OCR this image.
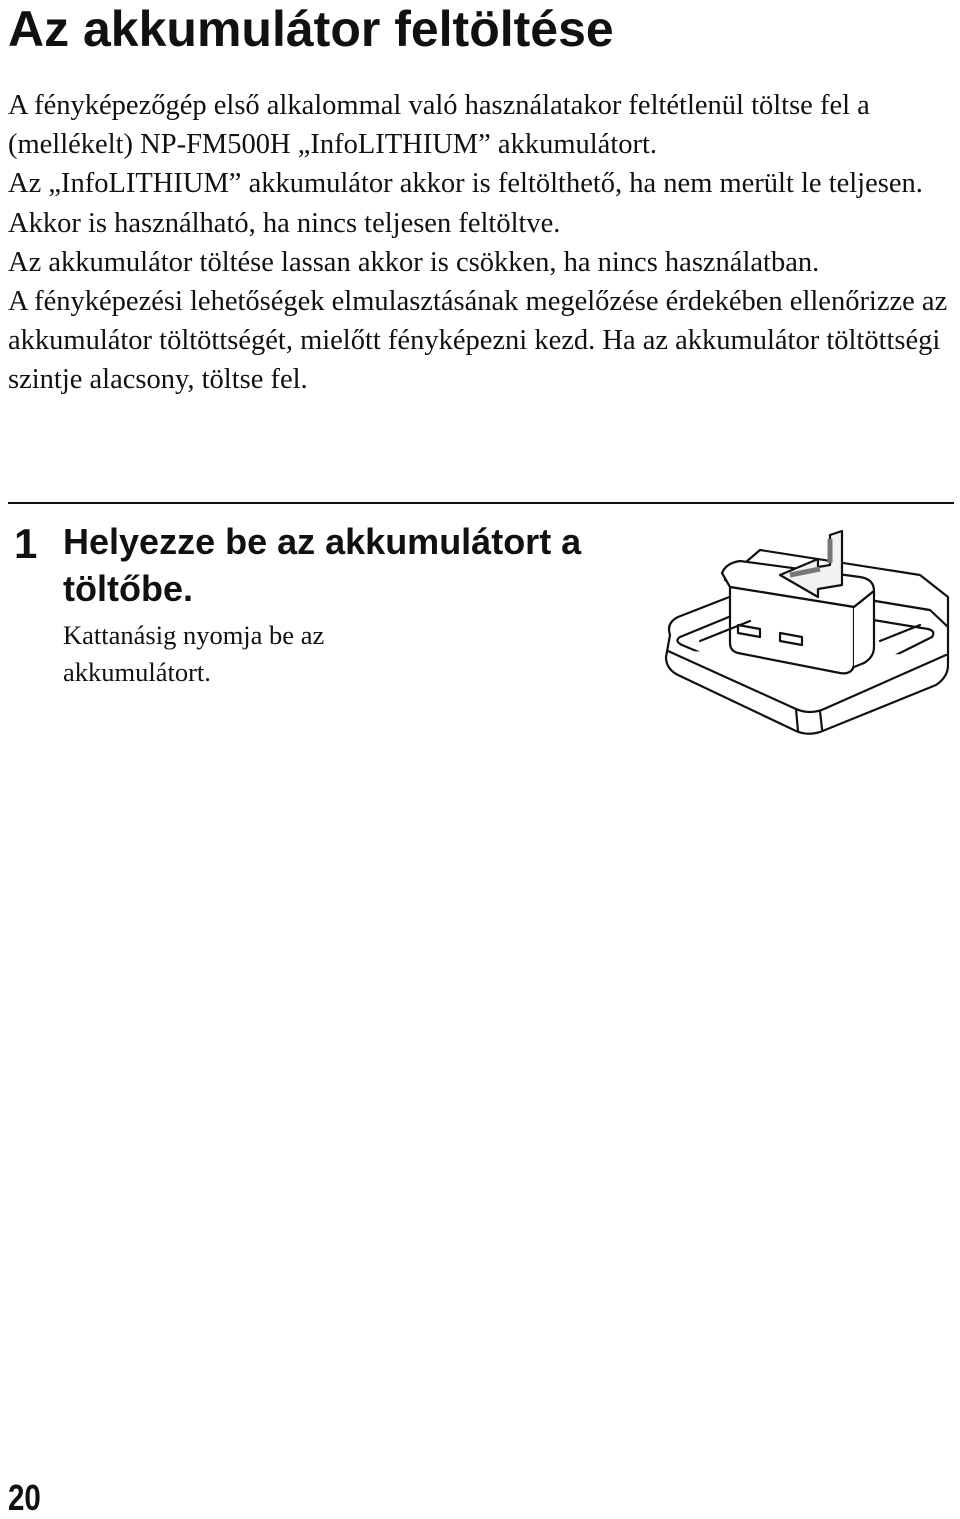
Az akkumulátor feltöltése

A fényképezőgép első alkalommal való használatakor feltétlenül töltse fel a (mellékelt) NP-FM500H „InfoLITHIUM” akkumulátort.

Az „InfoLITHIUM” akkumulátor akkor is feltölthető, ha nem merült le teljesen.

Akkor is használható, ha nincs teljesen feltöltve.

Az akkumulátor töltése lassan akkor is csökken, ha nincs használatban.

A fényképezési lehetőségek elmulasztásának megelőzése érdekében ellenőrizze az akkumulátor töltöttségét, mielőtt fényképezni kezd. Ha az akkumulátor töltöttségi szintje alacsony, töltse fel.

1 Helyezze be az akkumulátort a töltőbe.

Kattanásig nyomja be az akkumulátort.

20
